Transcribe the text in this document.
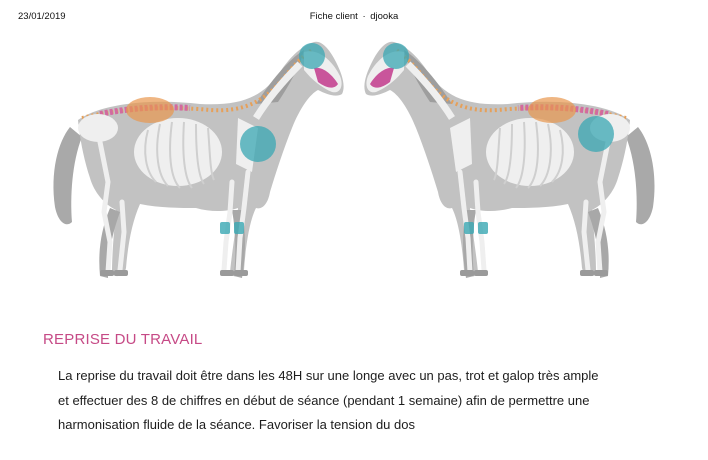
23/01/2019	Fiche client · djooka
REPRISE DU TRAVAIL
La reprise du travail doit être dans les 48H sur une longe avec un pas, trot et galop très ample
et effectuer des 8 de chiffres en début de séance (pendant 1 semaine) afin de permettre une
harmonisation fluide de la séance. Favoriser la tension du dos
